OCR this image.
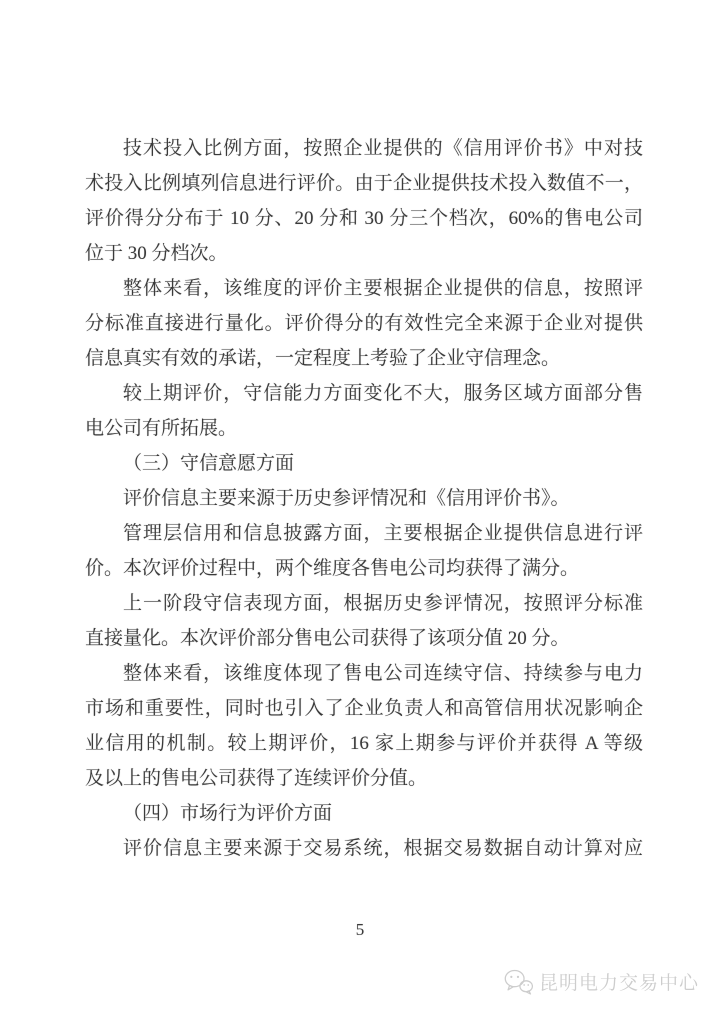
技术投入比例方面，按照企业提供的《信用评价书》中对技
术投入比例填列信息进行评价。由于企业提供技术投入数值不一，
评价得分分布于 10 分、20 分和 30 分三个档次，60%的售电公司
位于 30 分档次。
整体来看，该维度的评价主要根据企业提供的信息，按照评
分标准直接进行量化。评价得分的有效性完全来源于企业对提供
信息真实有效的承诺，一定程度上考验了企业守信理念。
较上期评价，守信能力方面变化不大，服务区域方面部分售
电公司有所拓展。
（三）守信意愿方面
评价信息主要来源于历史参评情况和《信用评价书》。
管理层信用和信息披露方面，主要根据企业提供信息进行评
价。本次评价过程中，两个维度各售电公司均获得了满分。
上一阶段守信表现方面，根据历史参评情况，按照评分标准
直接量化。本次评价部分售电公司获得了该项分值 20 分。
整体来看，该维度体现了售电公司连续守信、持续参与电力
市场和重要性，同时也引入了企业负责人和高管信用状况影响企
业信用的机制。较上期评价，16 家上期参与评价并获得 A 等级
及以上的售电公司获得了连续评价分值。
（四）市场行为评价方面
评价信息主要来源于交易系统，根据交易数据自动计算对应
5
昆明电力交易中心
